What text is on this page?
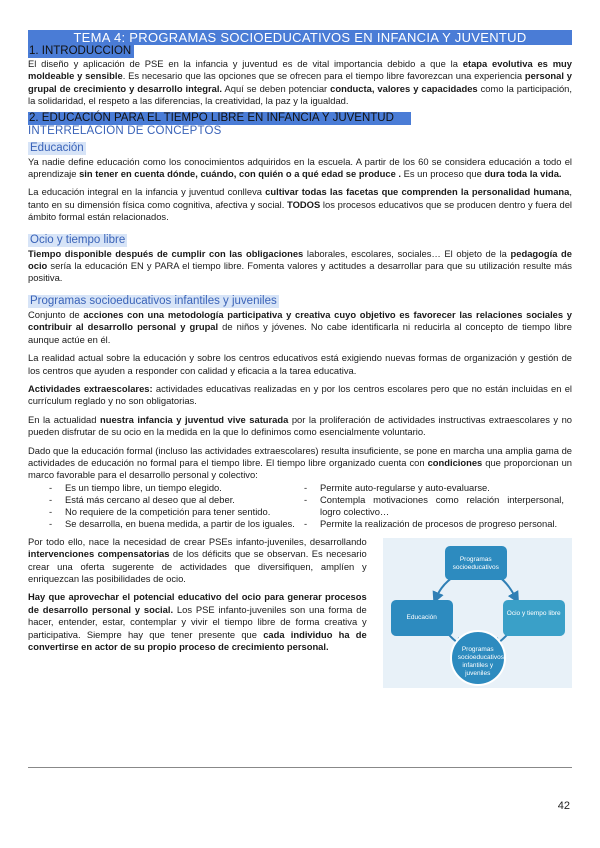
TEMA 4: PROGRAMAS SOCIOEDUCATIVOS EN INFANCIA Y JUVENTUD
1. INTRODUCCION

El diseño y aplicación de PSE en la infancia y juventud es de vital importancia debido a que la etapa evolutiva es muy moldeable y sensible. Es necesario que las opciones que se ofrecen para el tiempo libre favorezcan una experiencia personal y grupal de crecimiento y desarrollo integral. Aquí se deben potenciar conducta, valores y capacidades como la participación, la solidaridad, el respeto a las diferencias, la creatividad, la paz y la igualdad.

2. EDUCACIÓN PARA EL TIEMPO LIBRE EN INFANCIA Y JUVENTUD
INTERRELACION DE CONCEPTOS
Educación

Ya nadie define educación como los conocimientos adquiridos en la escuela. A partir de los 60 se considera educación a todo el aprendizaje sin tener en cuenta dónde, cuándo, con quién o a qué edad se produce . Es un proceso que dura toda la vida.

La educación integral en la infancia y juventud conlleva cultivar todas las facetas que comprenden la personalidad humana, tanto en su dimensión física como cognitiva, afectiva y social. TODOS los procesos educativos que se producen dentro y fuera del ámbito formal están relacionados.

Ocio y tiempo libre

Tiempo disponible después de cumplir con las obligaciones laborales, escolares, sociales… El objeto de la pedagogía de ocio sería la educación EN y PARA el tiempo libre. Fomenta valores y actitudes a desarrollar para que su utilización resulte más positiva.

Programas socioeducativos infantiles y juveniles

Conjunto de acciones con una metodología participativa y creativa cuyo objetivo es favorecer las relaciones sociales y contribuir al desarrollo personal y grupal de niños y jóvenes. No cabe identificarla ni reducirla al concepto de tiempo libre aunque actúe en él.

La realidad actual sobre la educación y sobre los centros educativos está exigiendo nuevas formas de organización y gestión de los centros que ayuden a responder con calidad y eficacia a la tarea educativa.

Actividades extraescolares: actividades educativas realizadas en y por los centros escolares pero que no están incluidas en el currículum reglado y no son obligatorias.

En la actualidad nuestra infancia y juventud vive saturada por la proliferación de actividades instructivas extraescolares y no pueden disfrutar de su ocio en la medida en la que lo definimos como esencialmente voluntario.

Dado que la educación formal (incluso las actividades extraescolares) resulta insuficiente, se pone en marcha una amplia gama de actividades de educación no formal para el tiempo libre. El tiempo libre organizado cuenta con condiciones que proporcionan un marco favorable para el desarrollo personal y colectivo:

- Es un tiempo libre, un tiempo elegido.
- Está más cercano al deseo que al deber.
- No requiere de la competición para tener sentido.
- Se desarrolla, en buena medida, a partir de los iguales.
- Permite auto-regularse y auto-evaluarse.
- Contempla motivaciones como relación interpersonal, logro colectivo…
- Permite la realización de procesos de progreso personal.

Por todo ello, nace la necesidad de crear PSEs infanto-juveniles, desarrollando intervenciones compensatorias de los déficits que se observan. Es necesario crear una oferta sugerente de actividades que diversifiquen, amplíen y enriquezcan las posibilidades de ocio.

Hay que aprovechar el potencial educativo del ocio para generar procesos de desarrollo personal y social. Los PSE infanto-juveniles son una forma de hacer, entender, estar, contemplar y vivir el tiempo libre de forma creativa y participativa. Siempre hay que tener presente que cada individuo ha de convertirse en actor de su propio proceso de crecimiento personal.

Programas socioeducativos
Educación
Ocio y tiempo libre
Programas socioeducativos infantiles y juveniles
42
